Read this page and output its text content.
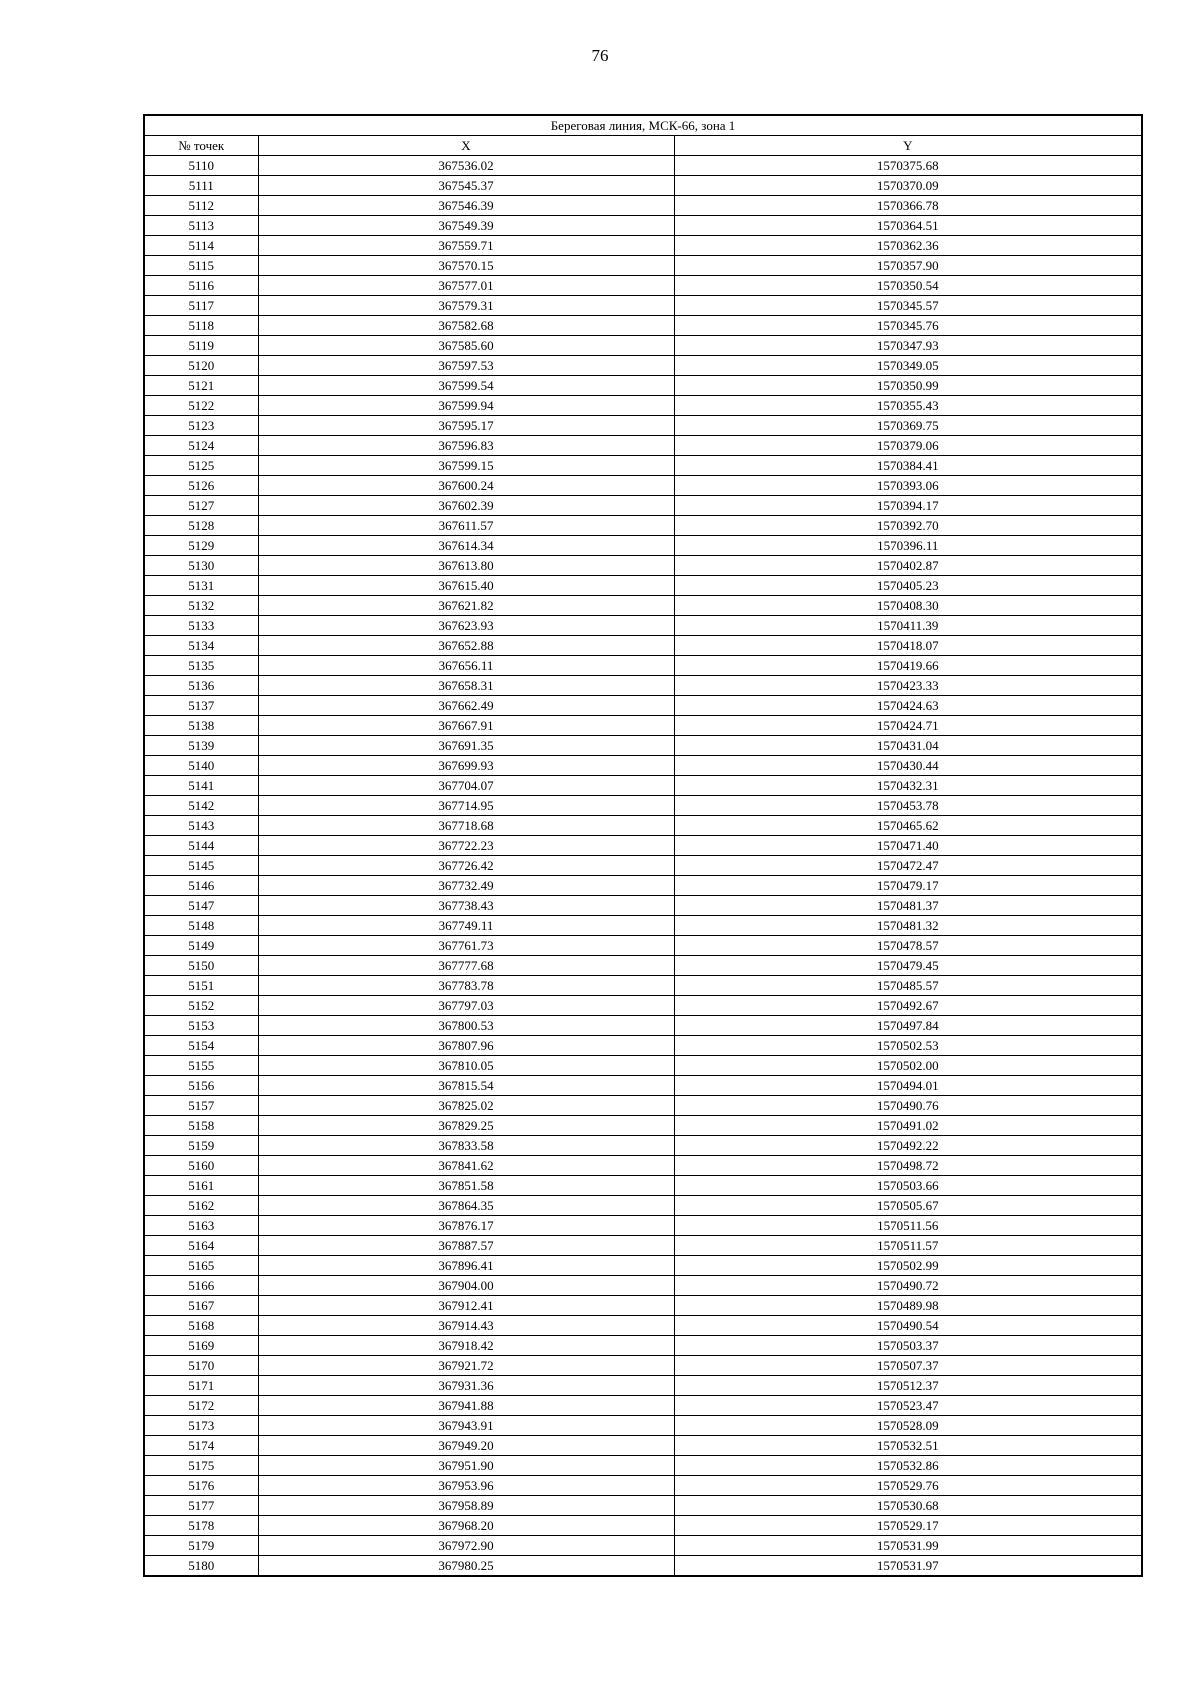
76
Береговая линия, МСК-66, зона 1		
№ точек	X	Y
5110	367536.02	1570375.68
5111	367545.37	1570370.09
5112	367546.39	1570366.78
5113	367549.39	1570364.51
5114	367559.71	1570362.36
5115	367570.15	1570357.90
5116	367577.01	1570350.54
5117	367579.31	1570345.57
5118	367582.68	1570345.76
5119	367585.60	1570347.93
5120	367597.53	1570349.05
5121	367599.54	1570350.99
5122	367599.94	1570355.43
5123	367595.17	1570369.75
5124	367596.83	1570379.06
5125	367599.15	1570384.41
5126	367600.24	1570393.06
5127	367602.39	1570394.17
5128	367611.57	1570392.70
5129	367614.34	1570396.11
5130	367613.80	1570402.87
5131	367615.40	1570405.23
5132	367621.82	1570408.30
5133	367623.93	1570411.39
5134	367652.88	1570418.07
5135	367656.11	1570419.66
5136	367658.31	1570423.33
5137	367662.49	1570424.63
5138	367667.91	1570424.71
5139	367691.35	1570431.04
5140	367699.93	1570430.44
5141	367704.07	1570432.31
5142	367714.95	1570453.78
5143	367718.68	1570465.62
5144	367722.23	1570471.40
5145	367726.42	1570472.47
5146	367732.49	1570479.17
5147	367738.43	1570481.37
5148	367749.11	1570481.32
5149	367761.73	1570478.57
5150	367777.68	1570479.45
5151	367783.78	1570485.57
5152	367797.03	1570492.67
5153	367800.53	1570497.84
5154	367807.96	1570502.53
5155	367810.05	1570502.00
5156	367815.54	1570494.01
5157	367825.02	1570490.76
5158	367829.25	1570491.02
5159	367833.58	1570492.22
5160	367841.62	1570498.72
5161	367851.58	1570503.66
5162	367864.35	1570505.67
5163	367876.17	1570511.56
5164	367887.57	1570511.57
5165	367896.41	1570502.99
5166	367904.00	1570490.72
5167	367912.41	1570489.98
5168	367914.43	1570490.54
5169	367918.42	1570503.37
5170	367921.72	1570507.37
5171	367931.36	1570512.37
5172	367941.88	1570523.47
5173	367943.91	1570528.09
5174	367949.20	1570532.51
5175	367951.90	1570532.86
5176	367953.96	1570529.76
5177	367958.89	1570530.68
5178	367968.20	1570529.17
5179	367972.90	1570531.99
5180	367980.25	1570531.97
